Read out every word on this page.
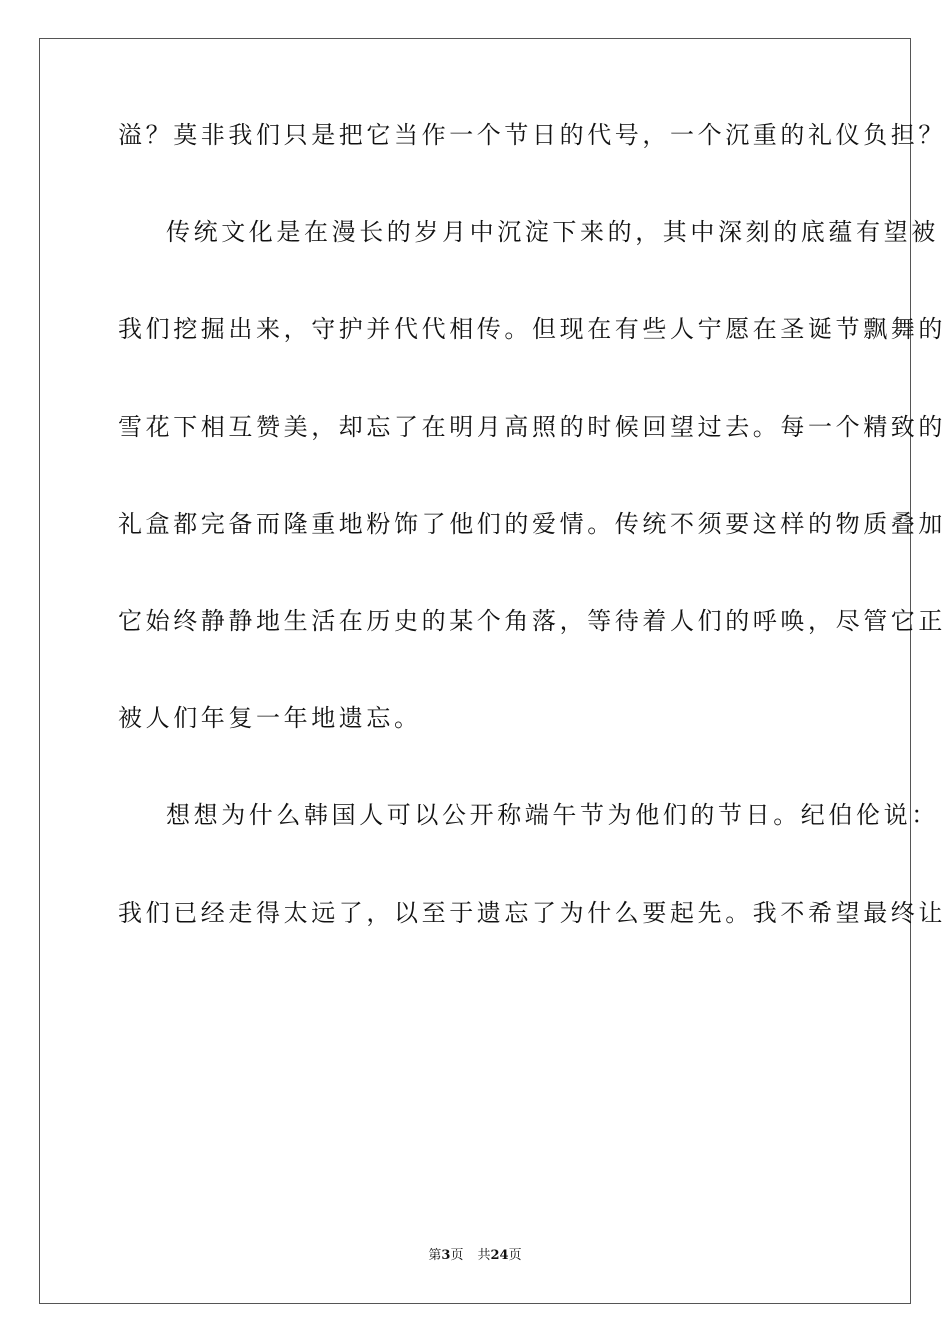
溢？莫非我们只是把它当作一个节日的代号，一个沉重的礼仪负担？
传统文化是在漫长的岁月中沉淀下来的，其中深刻的底蕴有望被
我们挖掘出来，守护并代代相传。但现在有些人宁愿在圣诞节飘舞的
雪花下相互赞美，却忘了在明月高照的时候回望过去。每一个精致的
礼盒都完备而隆重地粉饰了他们的爱情。传统不须要这样的物质叠加
它始终静静地生活在历史的某个角落，等待着人们的呼唤，尽管它正
被人们年复一年地遗忘。
想想为什么韩国人可以公开称端午节为他们的节日。纪伯伦说：
我们已经走得太远了，以至于遗忘了为什么要起先。我不希望最终让
第3页 共24页
